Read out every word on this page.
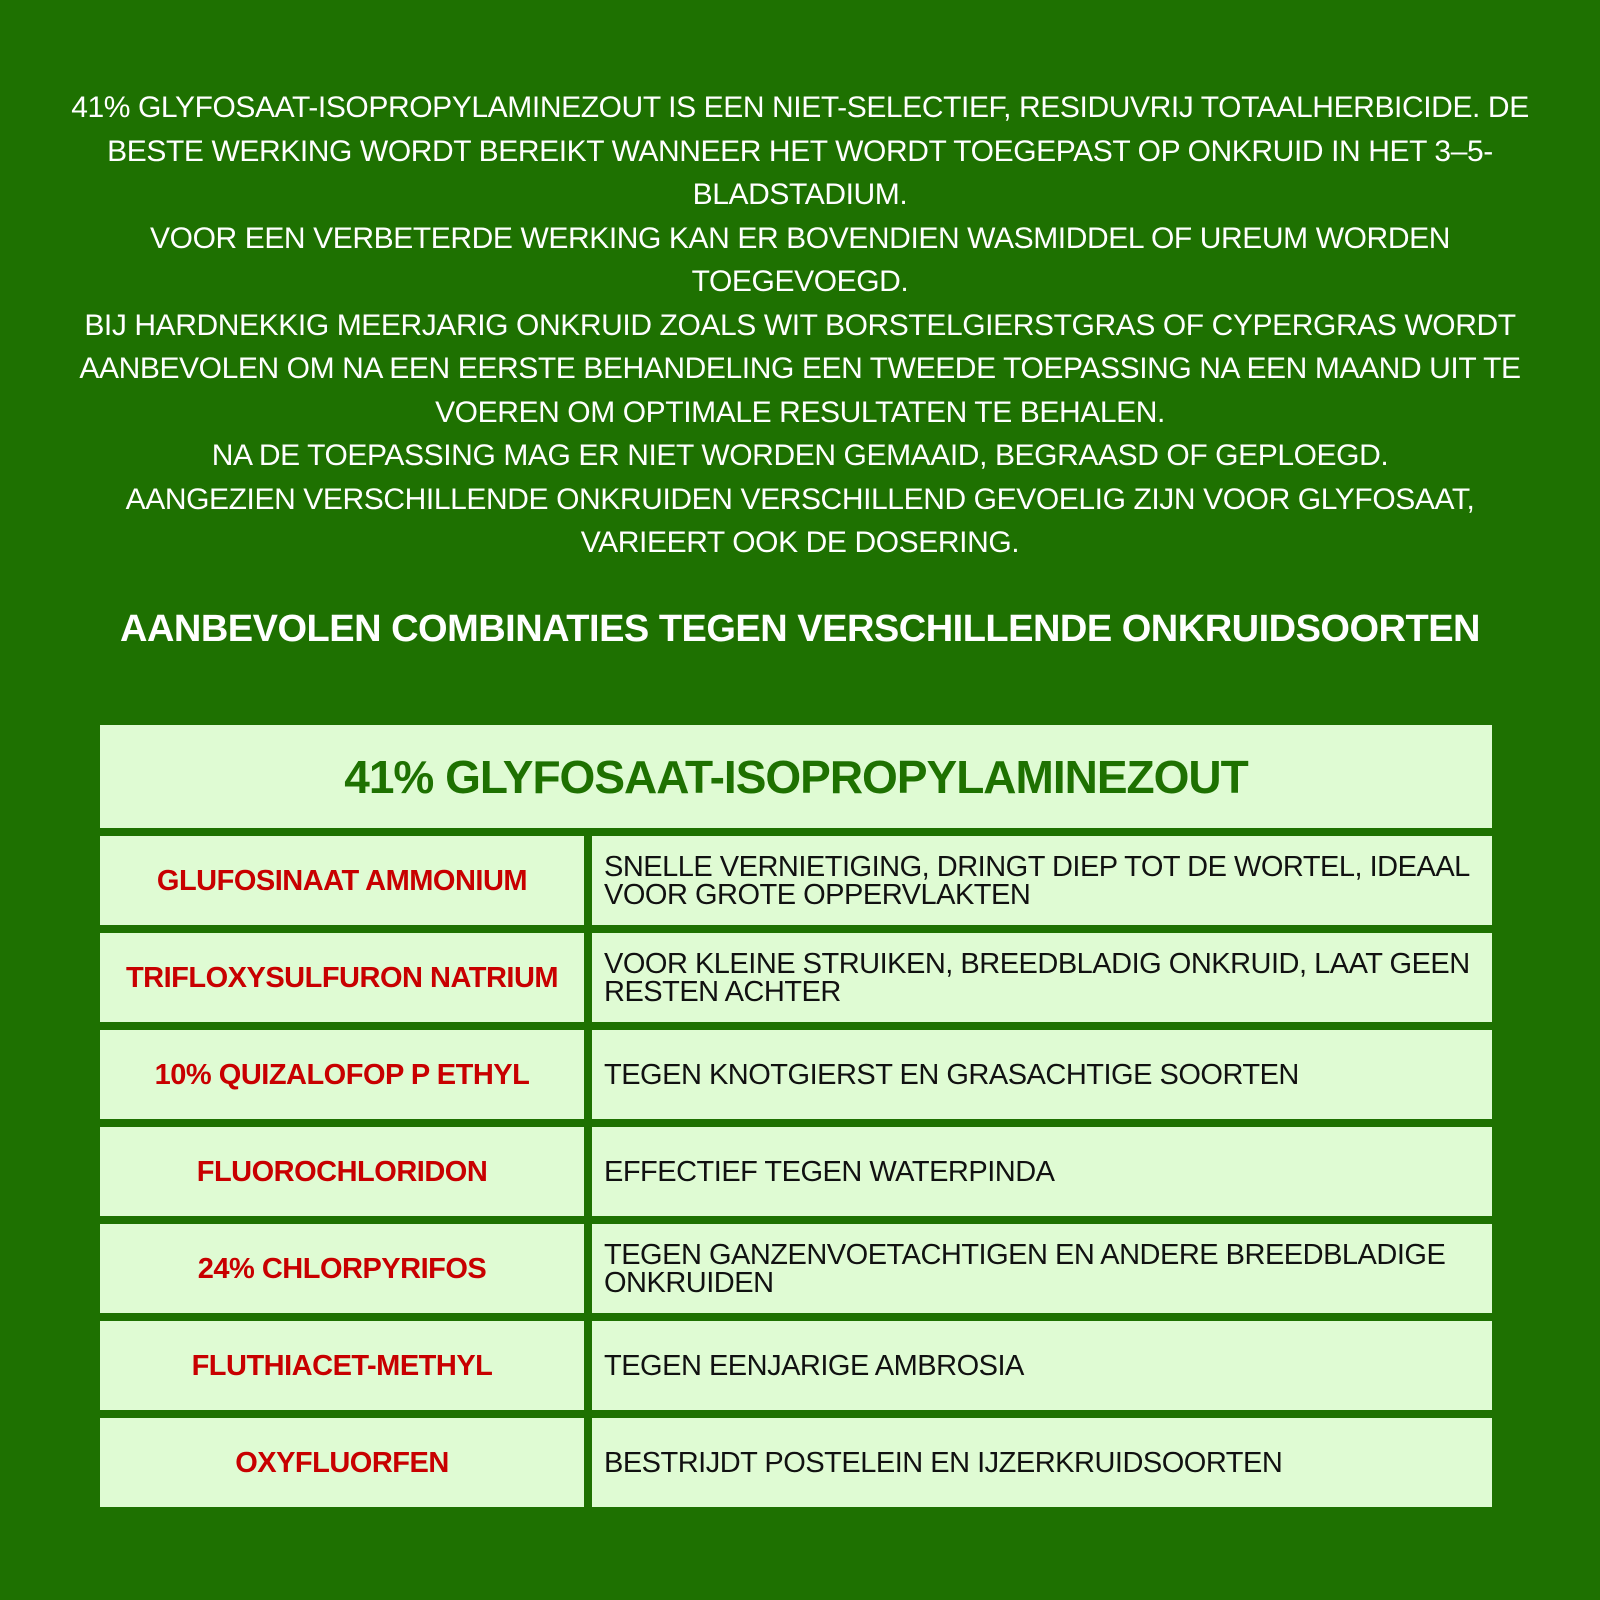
41% GLYFOSAAT-ISOPROPYLAMINEZOUT IS EEN NIET-SELECTIEF, RESIDUVRIJ TOTAALHERBICIDE. DE BESTE WERKING WORDT BEREIKT WANNEER HET WORDT TOEGEPAST OP ONKRUID IN HET 3–5-BLADSTADIUM.

VOOR EEN VERBETERDE WERKING KAN ER BOVENDIEN WASMIDDEL OF UREUM WORDEN TOEGEVOEGD.

BIJ HARDNEKKIG MEERJARIG ONKRUID ZOALS WIT BORSTELGIERSTGRAS OF CYPERGRAS WORDT AANBEVOLEN OM NA EEN EERSTE BEHANDELING EEN TWEEDE TOEPASSING NA EEN MAAND UIT TE VOEREN OM OPTIMALE RESULTATEN TE BEHALEN.

NA DE TOEPASSING MAG ER NIET WORDEN GEMAAID, BEGRAASD OF GEPLOEGD.

AANGEZIEN VERSCHILLENDE ONKRUIDEN VERSCHILLEND GEVOELIG ZIJN VOOR GLYFOSAAT, VARIEERT OOK DE DOSERING.

AANBEVOLEN COMBINATIES TEGEN VERSCHILLENDE ONKRUIDSOORTEN
41% GLYFOSAAT-ISOPROPYLAMINEZOUT
GLUFOSINAAT AMMONIUM	SNELLE VERNIETIGING, DRINGT DIEP TOT DE WORTEL, IDEAAL VOOR GROTE OPPERVLAKTEN
TRIFLOXYSULFURON NATRIUM	VOOR KLEINE STRUIKEN, BREEDBLADIG ONKRUID, LAAT GEEN RESTEN ACHTER
10% QUIZALOFOP P ETHYL	TEGEN KNOTGIERST EN GRASACHTIGE SOORTEN
FLUOROCHLORIDON	EFFECTIEF TEGEN WATERPINDA
24% CHLORPYRIFOS	TEGEN GANZENVOETACHTIGEN EN ANDERE BREEDBLADIGE ONKRUIDEN
FLUTHIACET-METHYL	TEGEN EENJARIGE AMBROSIA
OXYFLUORFEN	BESTRIJDT POSTELEIN EN IJZERKRUIDSOORTEN
